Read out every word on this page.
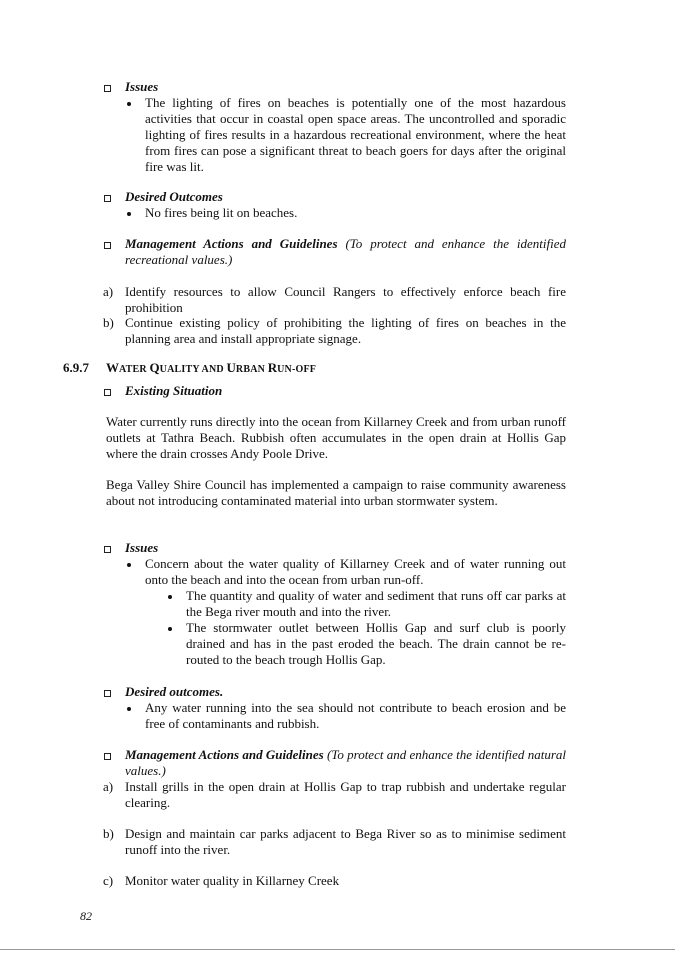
Issues
The lighting of fires on beaches is potentially one of the most hazardous activities that occur in coastal open space areas. The uncontrolled and sporadic lighting of fires results in a hazardous recreational environment, where the heat from fires can pose a significant threat to beach goers for days after the original fire was lit.
Desired Outcomes
No fires being lit on beaches.
Management Actions and Guidelines (To protect and enhance the identified recreational values.)
a) Identify resources to allow Council Rangers to effectively enforce beach fire prohibition
b) Continue existing policy of prohibiting the lighting of fires on beaches in the planning area and install appropriate signage.
6.9.7 WATER QUALITY AND URBAN RUN-OFF
Existing Situation
Water currently runs directly into the ocean from Killarney Creek and from urban runoff outlets at Tathra Beach. Rubbish often accumulates in the open drain at Hollis Gap where the drain crosses Andy Poole Drive.
Bega Valley Shire Council has implemented a campaign to raise community awareness about not introducing contaminated material into urban stormwater system.
Issues
Concern about the water quality of Killarney Creek and of water running out onto the beach and into the ocean from urban run-off.
The quantity and quality of water and sediment that runs off car parks at the Bega river mouth and into the river.
The stormwater outlet between Hollis Gap and surf club is poorly drained and has in the past eroded the beach. The drain cannot be re-routed to the beach trough Hollis Gap.
Desired outcomes.
Any water running into the sea should not contribute to beach erosion and be free of contaminants and rubbish.
Management Actions and Guidelines (To protect and enhance the identified natural values.)
a) Install grills in the open drain at Hollis Gap to trap rubbish and undertake regular clearing.
b) Design and maintain car parks adjacent to Bega River so as to minimise sediment runoff into the river.
c) Monitor water quality in Killarney Creek
82
